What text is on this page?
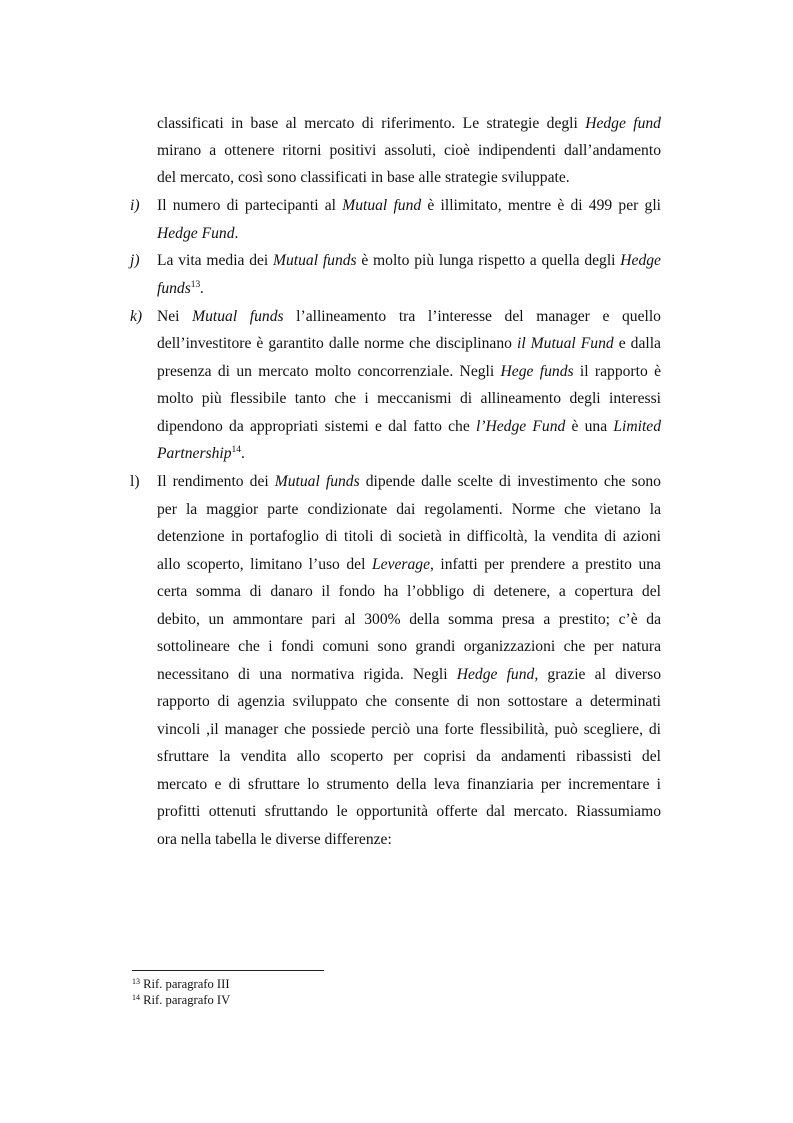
classificati in base al mercato di riferimento. Le strategie degli Hedge fund
mirano a ottenere ritorni positivi assoluti, cioè indipendenti dall’andamento
del mercato, così sono classificati in base alle strategie sviluppate.
i) Il numero di partecipanti al Mutual fund è illimitato, mentre è di 499 per gli
Hedge Fund.
j) La vita media dei Mutual funds è molto più lunga rispetto a quella degli Hedge
funds$^{13}$.
k) Nei Mutual funds l’allineamento tra l’interesse del manager e quello
dell’investitore è garantito dalle norme che disciplinano il Mutual Fund e dalla
presenza di un mercato molto concorrenziale. Negli Hege funds il rapporto è
molto più flessibile tanto che i meccanismi di allineamento degli interessi
dipendono da appropriati sistemi e dal fatto che l’Hedge Fund è una Limited
Partnership$^{14}$.
l) Il rendimento dei Mutual funds dipende dalle scelte di investimento che sono
per la maggior parte condizionate dai regolamenti. Norme che vietano la
detenzione in portafoglio di titoli di società in difficoltà, la vendita di azioni
allo scoperto, limitano l’uso del Leverage, infatti per prendere a prestito una
certa somma di danaro il fondo ha l’obbligo di detenere, a copertura del
debito, un ammontare pari al 300% della somma presa a prestito; c’è da
sottolineare che i fondi comuni sono grandi organizzazioni che per natura
necessitano di una normativa rigida. Negli Hedge fund, grazie al diverso
rapporto di agenzia sviluppato che consente di non sottostare a determinati
vincoli ,il manager che possiede perciò una forte flessibilità, può scegliere, di
sfruttare la vendita allo scoperto per coprisi da andamenti ribassisti del
mercato e di sfruttare lo strumento della leva finanziaria per incrementare i
profitti ottenuti sfruttando le opportunità offerte dal mercato. Riassumiamo
ora nella tabella le diverse differenze:
$^{13}$ Rif. paragrafo III
$^{14}$ Rif. paragrafo IV
